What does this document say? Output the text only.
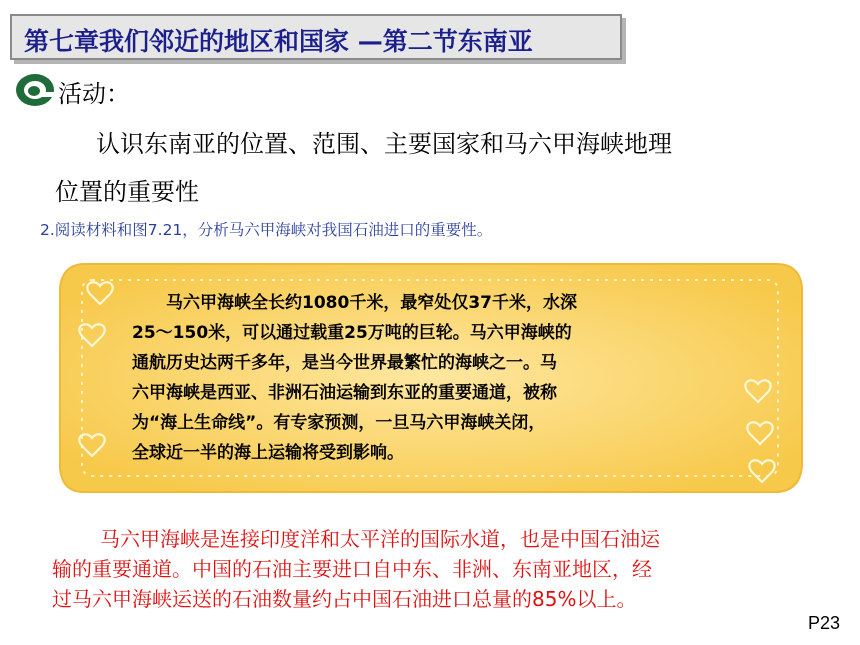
第七章我们邻近的地区和国家 —第二节东南亚
活动：
认识东南亚的位置、范围、主要国家和马六甲海峡地理
位置的重要性
2.阅读材料和图7.21，分析马六甲海峡对我国石油进口的重要性。
　　马六甲海峡全长约1080千米，最窄处仅37千米，水深
25～150米，可以通过载重25万吨的巨轮。马六甲海峡的
通航历史达两千多年，是当今世界最繁忙的海峡之一。马
六甲海峡是西亚、非洲石油运输到东亚的重要通道，被称
为“海上生命线”。有专家预测，一旦马六甲海峡关闭，
全球近一半的海上运输将受到影响。
　马六甲海峡是连接印度洋和太平洋的国际水道，也是中国石油运
输的重要通道。中国的石油主要进口自中东、非洲、东南亚地区，经
过马六甲海峡运送的石油数量约占中国石油进口总量的85%以上。
P23
